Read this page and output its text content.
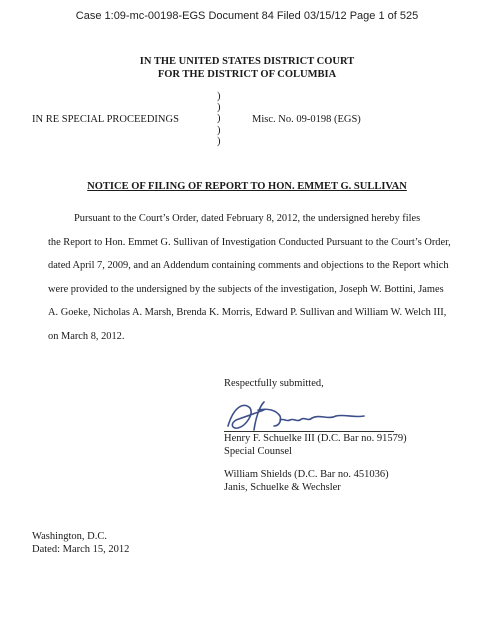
Case 1:09-mc-00198-EGS Document 84 Filed 03/15/12 Page 1 of 525
IN THE UNITED STATES DISTRICT COURT
FOR THE DISTRICT OF COLUMBIA
IN RE SPECIAL PROCEEDINGS
)
)
)
)
)
Misc. No. 09-0198 (EGS)
NOTICE OF FILING OF REPORT TO HON. EMMET G. SULLIVAN
Pursuant to the Court’s Order, dated February 8, 2012, the undersigned hereby files
the Report to Hon. Emmet G. Sullivan of Investigation Conducted Pursuant to the Court’s Order,
dated April 7, 2009, and an Addendum containing comments and objections to the Report which
were provided to the undersigned by the subjects of the investigation, Joseph W. Bottini, James
A. Goeke, Nicholas A. Marsh, Brenda K. Morris, Edward P. Sullivan and William W. Welch III,
on March 8, 2012.
Respectfully submitted,
Henry F. Schuelke III (D.C. Bar no. 91579)
Special Counsel
William Shields (D.C. Bar no. 451036)
Janis, Schuelke & Wechsler
Washington, D.C.
Dated: March 15, 2012
